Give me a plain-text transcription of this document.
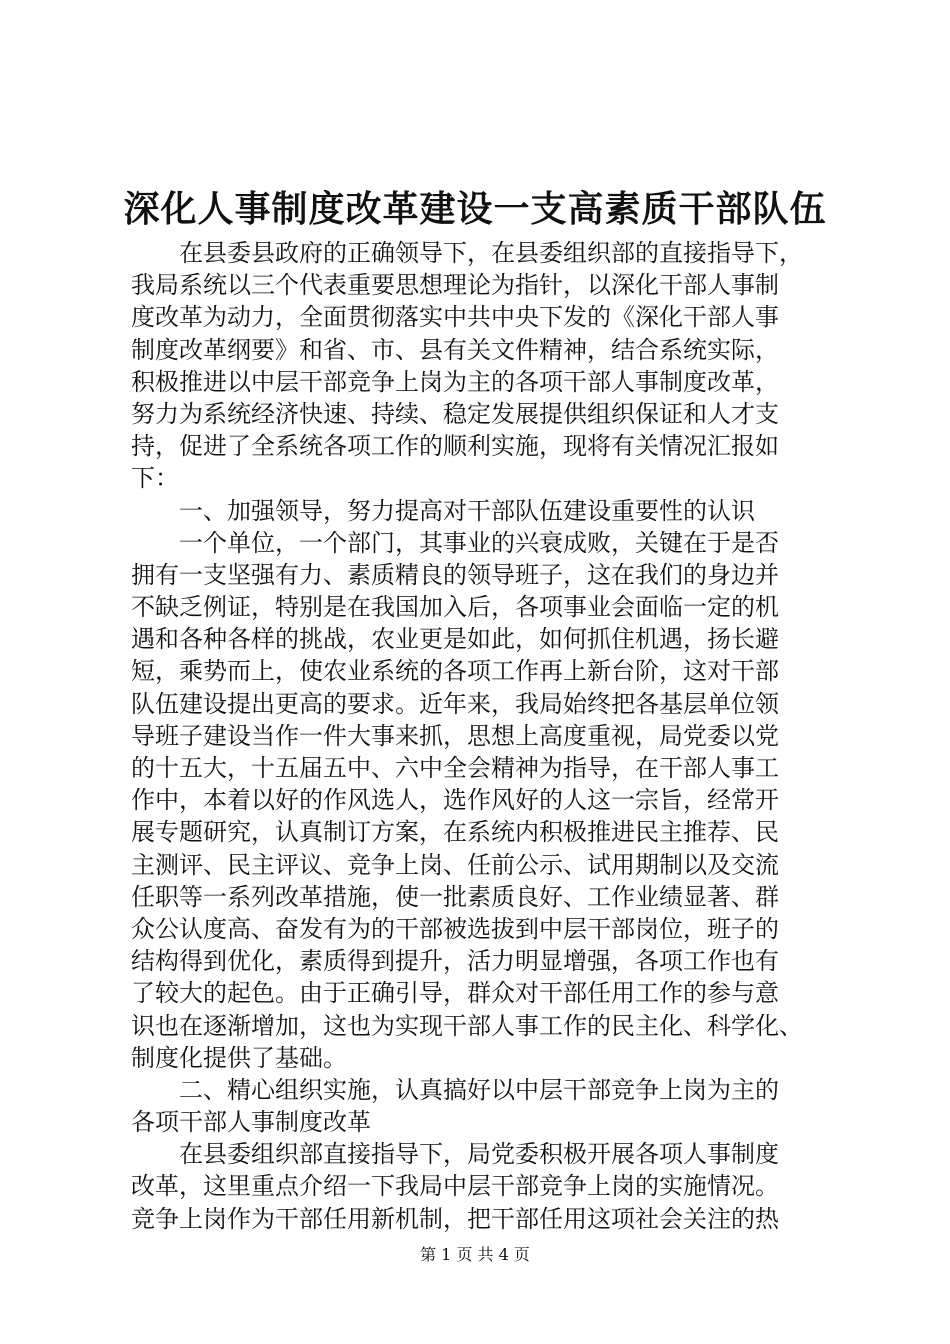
深化人事制度改革建设一支高素质干部队伍
在县委县政府的正确领导下，在县委组织部的直接指导下，
我局系统以三个代表重要思想理论为指针，以深化干部人事制
度改革为动力，全面贯彻落实中共中央下发的《深化干部人事
制度改革纲要》和省、市、县有关文件精神，结合系统实际，
积极推进以中层干部竞争上岗为主的各项干部人事制度改革，
努力为系统经济快速、持续、稳定发展提供组织保证和人才支
持，促进了全系统各项工作的顺利实施，现将有关情况汇报如
下：
一、加强领导，努力提高对干部队伍建设重要性的认识
一个单位，一个部门，其事业的兴衰成败，关键在于是否
拥有一支坚强有力、素质精良的领导班子，这在我们的身边并
不缺乏例证，特别是在我国加入后，各项事业会面临一定的机
遇和各种各样的挑战，农业更是如此，如何抓住机遇，扬长避
短，乘势而上，使农业系统的各项工作再上新台阶，这对干部
队伍建设提出更高的要求。近年来，我局始终把各基层单位领
导班子建设当作一件大事来抓，思想上高度重视，局党委以党
的十五大，十五届五中、六中全会精神为指导，在干部人事工
作中，本着以好的作风选人，选作风好的人这一宗旨，经常开
展专题研究，认真制订方案，在系统内积极推进民主推荐、民
主测评、民主评议、竞争上岗、任前公示、试用期制以及交流
任职等一系列改革措施，使一批素质良好、工作业绩显著、群
众公认度高、奋发有为的干部被选拔到中层干部岗位，班子的
结构得到优化，素质得到提升，活力明显增强，各项工作也有
了较大的起色。由于正确引导，群众对干部任用工作的参与意
识也在逐渐增加，这也为实现干部人事工作的民主化、科学化、
制度化提供了基础。
二、精心组织实施，认真搞好以中层干部竞争上岗为主的
各项干部人事制度改革
在县委组织部直接指导下，局党委积极开展各项人事制度
改革，这里重点介绍一下我局中层干部竞争上岗的实施情况。
竞争上岗作为干部任用新机制，把干部任用这项社会关注的热
第 1 页 共 4 页
